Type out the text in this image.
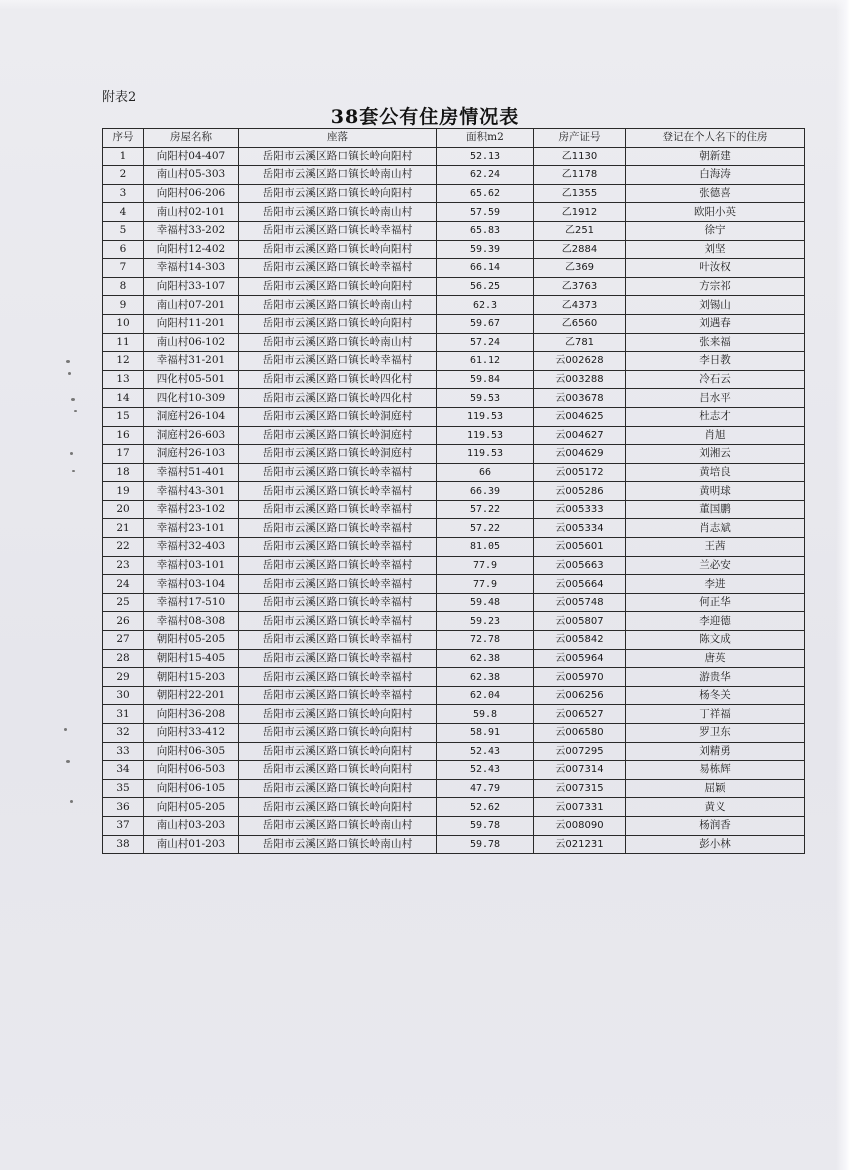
附表2
38套公有住房情况表
序号	房屋名称	座落	面积m2	房产证号	登记在个人名下的住房
1	向阳村04-407	岳阳市云溪区路口镇长岭向阳村	52.13	乙1130	朝新建
2	南山村05-303	岳阳市云溪区路口镇长岭南山村	62.24	乙1178	白海涛
3	向阳村06-206	岳阳市云溪区路口镇长岭向阳村	65.62	乙1355	张德喜
4	南山村02-101	岳阳市云溪区路口镇长岭南山村	57.59	乙1912	欧阳小英
5	幸福村33-202	岳阳市云溪区路口镇长岭幸福村	65.83	乙251	徐宁
6	向阳村12-402	岳阳市云溪区路口镇长岭向阳村	59.39	乙2884	刘坚
7	幸福村14-303	岳阳市云溪区路口镇长岭幸福村	66.14	乙369	叶汝权
8	向阳村33-107	岳阳市云溪区路口镇长岭向阳村	56.25	乙3763	方宗祁
9	南山村07-201	岳阳市云溪区路口镇长岭南山村	62.3	乙4373	刘锡山
10	向阳村11-201	岳阳市云溪区路口镇长岭向阳村	59.67	乙6560	刘遇春
11	南山村06-102	岳阳市云溪区路口镇长岭南山村	57.24	乙781	张来福
12	幸福村31-201	岳阳市云溪区路口镇长岭幸福村	61.12	云002628	李日教
13	四化村05-501	岳阳市云溪区路口镇长岭四化村	59.84	云003288	冷石云
14	四化村10-309	岳阳市云溪区路口镇长岭四化村	59.53	云003678	吕水平
15	洞庭村26-104	岳阳市云溪区路口镇长岭洞庭村	119.53	云004625	杜志才
16	洞庭村26-603	岳阳市云溪区路口镇长岭洞庭村	119.53	云004627	肖旭
17	洞庭村26-103	岳阳市云溪区路口镇长岭洞庭村	119.53	云004629	刘湘云
18	幸福村51-401	岳阳市云溪区路口镇长岭幸福村	66	云005172	黄培良
19	幸福村43-301	岳阳市云溪区路口镇长岭幸福村	66.39	云005286	黄明球
20	幸福村23-102	岳阳市云溪区路口镇长岭幸福村	57.22	云005333	董国鹏
21	幸福村23-101	岳阳市云溪区路口镇长岭幸福村	57.22	云005334	肖志斌
22	幸福村32-403	岳阳市云溪区路口镇长岭幸福村	81.05	云005601	王茜
23	幸福村03-101	岳阳市云溪区路口镇长岭幸福村	77.9	云005663	兰必安
24	幸福村03-104	岳阳市云溪区路口镇长岭幸福村	77.9	云005664	李进
25	幸福村17-510	岳阳市云溪区路口镇长岭幸福村	59.48	云005748	何正华
26	幸福村08-308	岳阳市云溪区路口镇长岭幸福村	59.23	云005807	李迎德
27	朝阳村05-205	岳阳市云溪区路口镇长岭幸福村	72.78	云005842	陈文成
28	朝阳村15-405	岳阳市云溪区路口镇长岭幸福村	62.38	云005964	唐英
29	朝阳村15-203	岳阳市云溪区路口镇长岭幸福村	62.38	云005970	游贵华
30	朝阳村22-201	岳阳市云溪区路口镇长岭幸福村	62.04	云006256	杨冬关
31	向阳村36-208	岳阳市云溪区路口镇长岭向阳村	59.8	云006527	丁祥福
32	向阳村33-412	岳阳市云溪区路口镇长岭向阳村	58.91	云006580	罗卫东
33	向阳村06-305	岳阳市云溪区路口镇长岭向阳村	52.43	云007295	刘精勇
34	向阳村06-503	岳阳市云溪区路口镇长岭向阳村	52.43	云007314	易栋辉
35	向阳村06-105	岳阳市云溪区路口镇长岭向阳村	47.79	云007315	屈颖
36	向阳村05-205	岳阳市云溪区路口镇长岭向阳村	52.62	云007331	黄义
37	南山村03-203	岳阳市云溪区路口镇长岭南山村	59.78	云008090	杨润香
38	南山村01-203	岳阳市云溪区路口镇长岭南山村	59.78	云021231	彭小林
